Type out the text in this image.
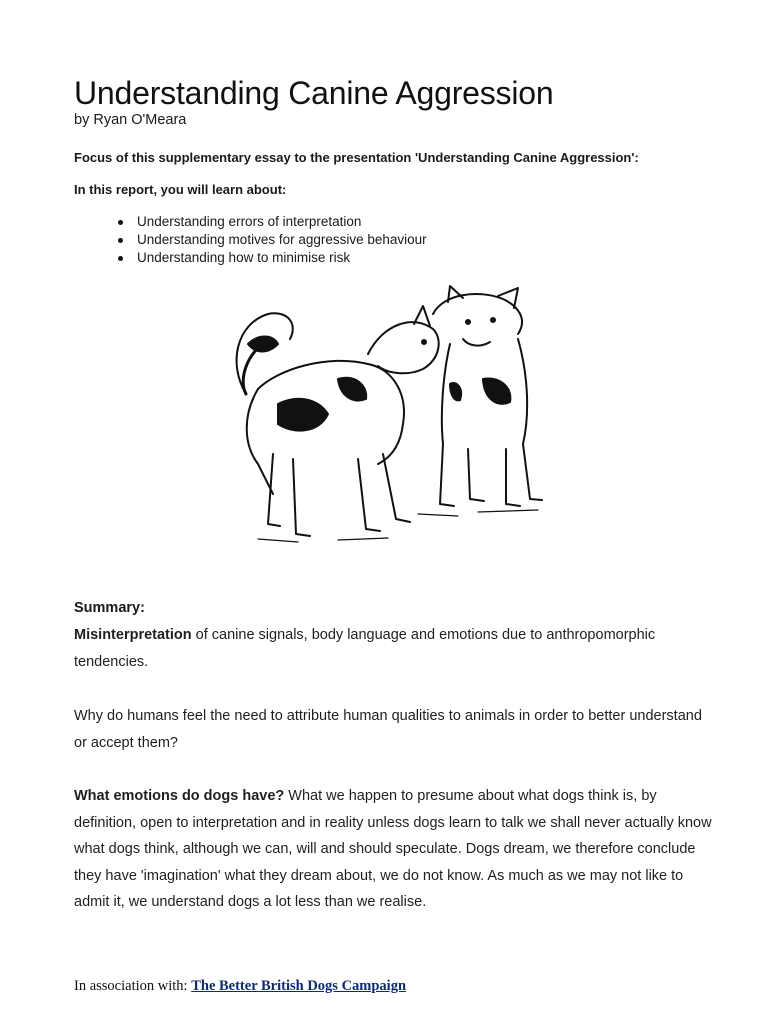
Understanding Canine Aggression
by Ryan O'Meara
Focus of this supplementary essay to the presentation 'Understanding Canine Aggression':
In this report, you will learn about:
Understanding errors of interpretation
Understanding motives for aggressive behaviour
Understanding how to minimise risk
Summary:

Misinterpretation of canine signals, body language and emotions due to anthropomorphic tendencies.

Why do humans feel the need to attribute human qualities to animals in order to better understand or accept them?

What emotions do dogs have? What we happen to presume about what dogs think is, by definition, open to interpretation and in reality unless dogs learn to talk we shall never actually know what dogs think, although we can, will and should speculate. Dogs dream, we therefore conclude they have 'imagination' what they dream about, we do not know. As much as we may not like to admit it, we understand dogs a lot less than we realise.

In association with: The Better British Dogs Campaign
